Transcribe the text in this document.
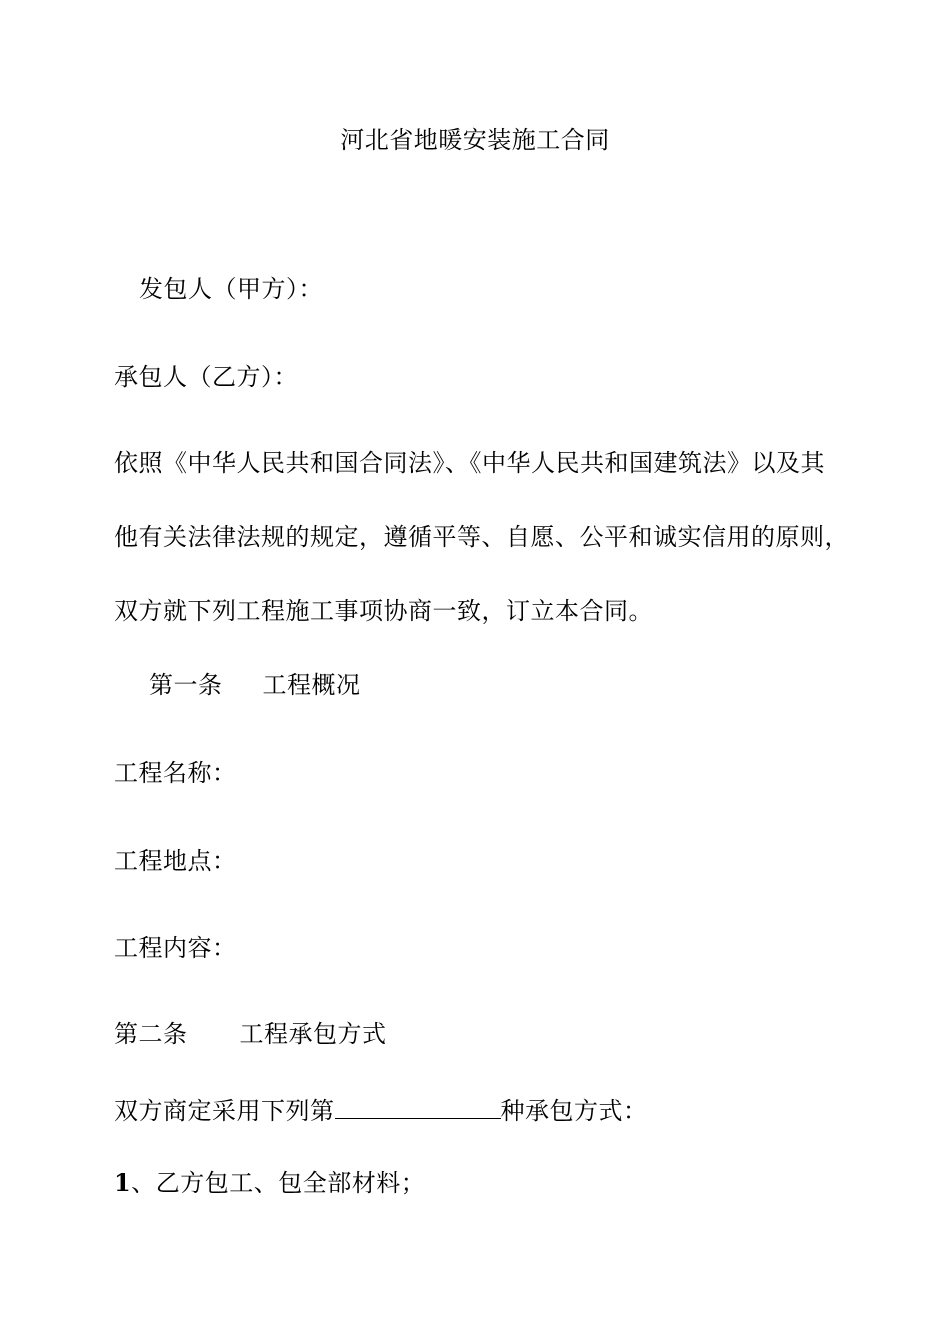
河北省地暖安装施工合同
发包人（甲方）：
承包人（乙方）：
依照《中华人民共和国合同法》、《中华人民共和国建筑法》以及其
他有关法律法规的规定，遵循平等、自愿、公平和诚实信用的原则，
双方就下列工程施工事项协商一致，订立本合同。
第一条 工程概况
工程名称：
工程地点：
工程内容：
第二条 工程承包方式
双方商定采用下列第	种承包方式：
1、乙方包工、包全部材料；
